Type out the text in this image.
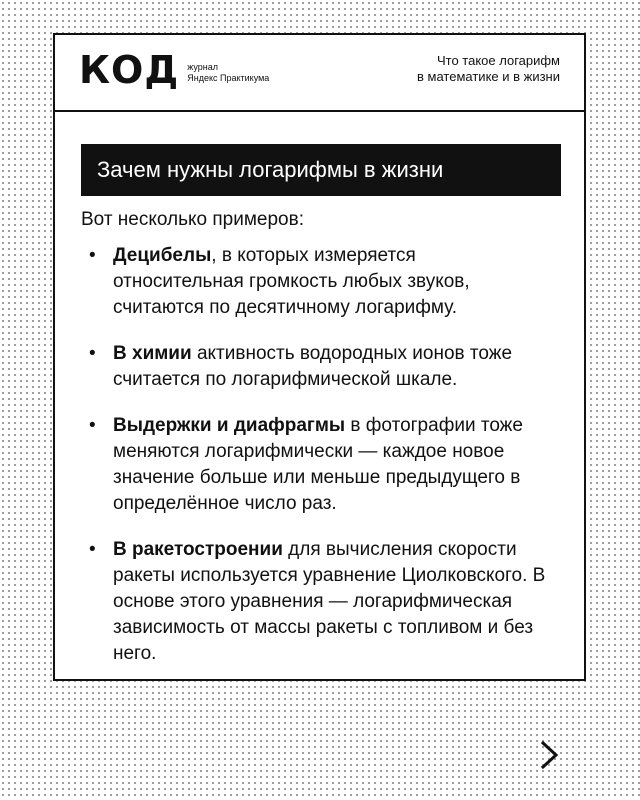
КОД журнал
Яндекс Практикума
Что такое логарифм
в математике и в жизни
Зачем нужны логарифмы в жизни
Вот несколько примеров:
• Децибелы, в которых измеряется относительная громкость любых звуков, считаются по десятичному логарифму.
• В химии активность водородных ионов тоже считается по логарифмической шкале.
• Выдержки и диафрагмы в фотографии тоже меняются логарифмически — каждое новое значение больше или меньше предыдущего в определённое число раз.
• В ракетостроении для вычисления скорости ракеты используется уравнение Циолковского. В основе этого уравнения — логарифмическая зависимость от массы ракеты с топливом и без него.
